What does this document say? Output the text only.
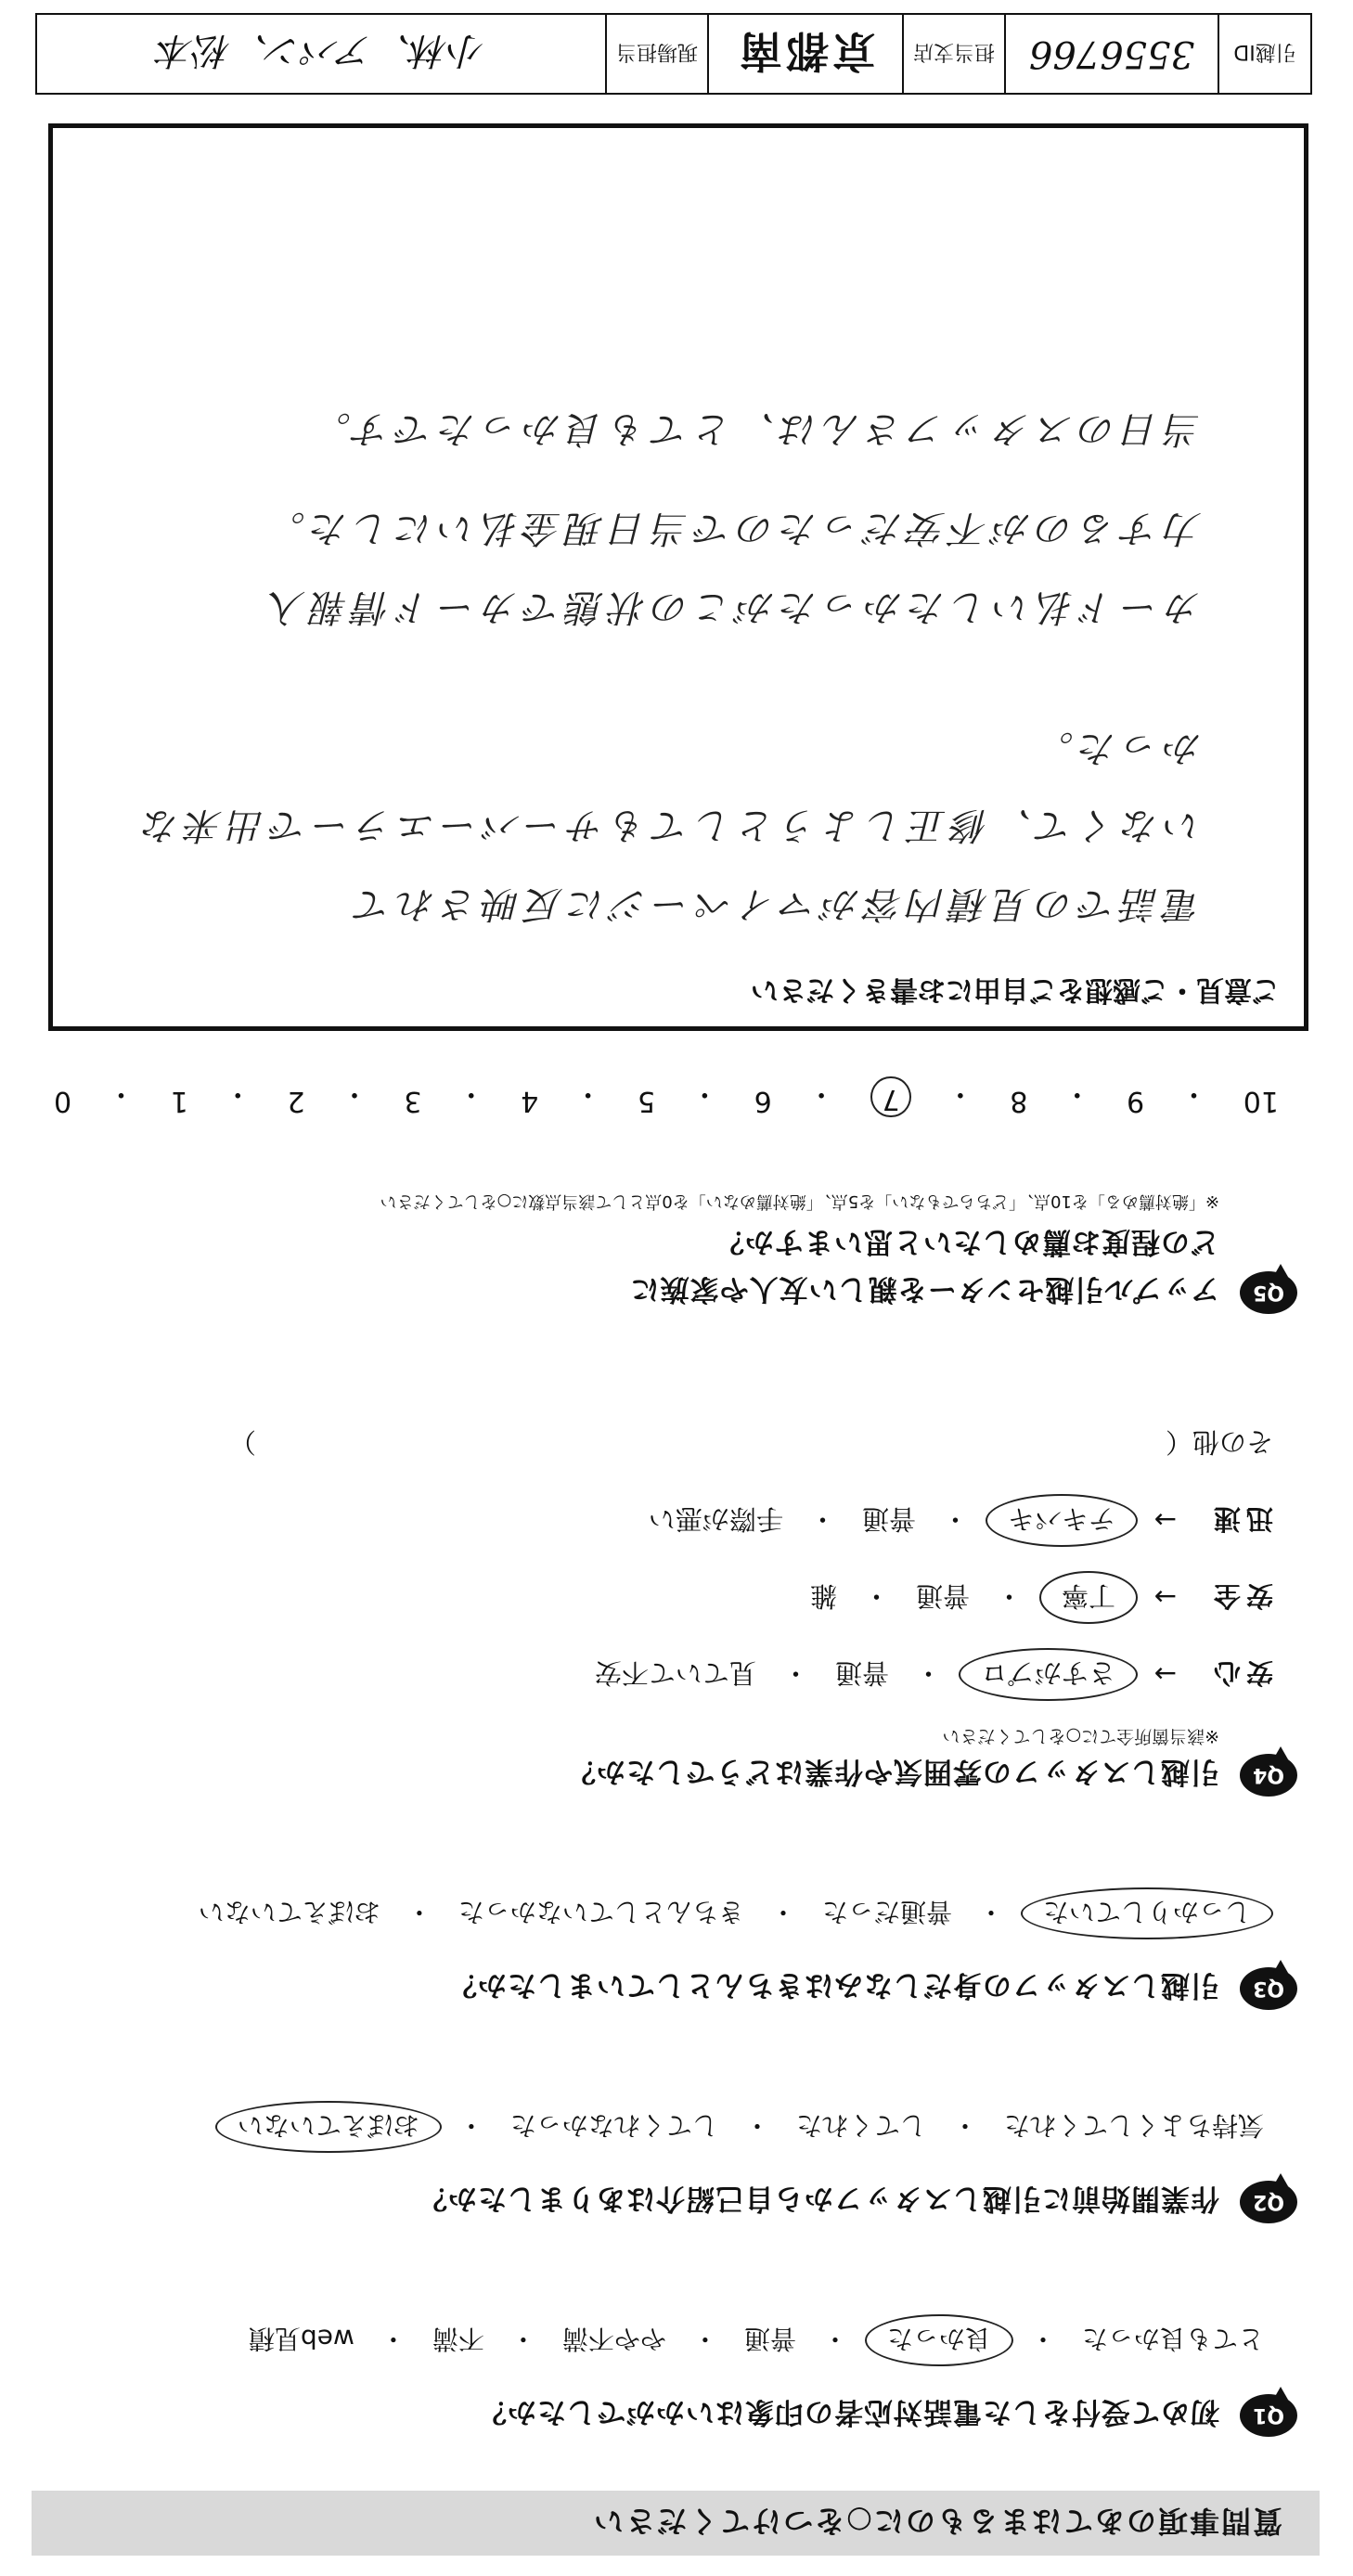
質問事項のあてはまるものに○をつけてください
Q1
初めて受付をした電話対応者の印象はいかがでしたか？
とても良かった
・
良かった
・
普通
・
やや不満
・
不満
・
web見積
Q2
作業開始前に引越しスタッフから自己紹介はありましたか？
気持ちよくしてくれた
・
してくれた
・
してくれなかった
・
おぼえていない
Q3
引越しスタッフの身だしなみはきちんとしていましたか？
しっかりしていた
・
普通だった
・
きちんとしていなかった
・
おぼえていない
Q4
引越しスタッフの雰囲気や作業はどうでしたか？
※該当箇所全てに○をしてください
安心
→
さすがプロ
・
普通
・
見ていて不安
安全
→
丁寧
・
普通
・
雑
迅速
→
テキパキ
・
普通
・
手際が悪い
その他（
）
Q5
アップル引越センターを親しい友人や家族に
どの程度お薦めしたいと思いますか？
※「絶対薦める」を10点、「どちらでもない」を5点、「絶対薦めない」を0点として該当点数に○をしてください
10
・
9
・
8
・
7
・
6
・
5
・
4
・
3
・
2
・
1
・
0
ご意見・ご感想をご自由にお書きください
電話での見積内容がマイページに反映されて
いなくて、修正しようとしてもサーバーエラーで出来な
かった。
カード払いしたかったがこの状態でカード情報入
力するのが不安だったので当日現金払いにした。
当日のスタッフさんは、とても良かったです。
引越ID
3556766
担当支店
京都南
現場担当
小林、アパン、松本
